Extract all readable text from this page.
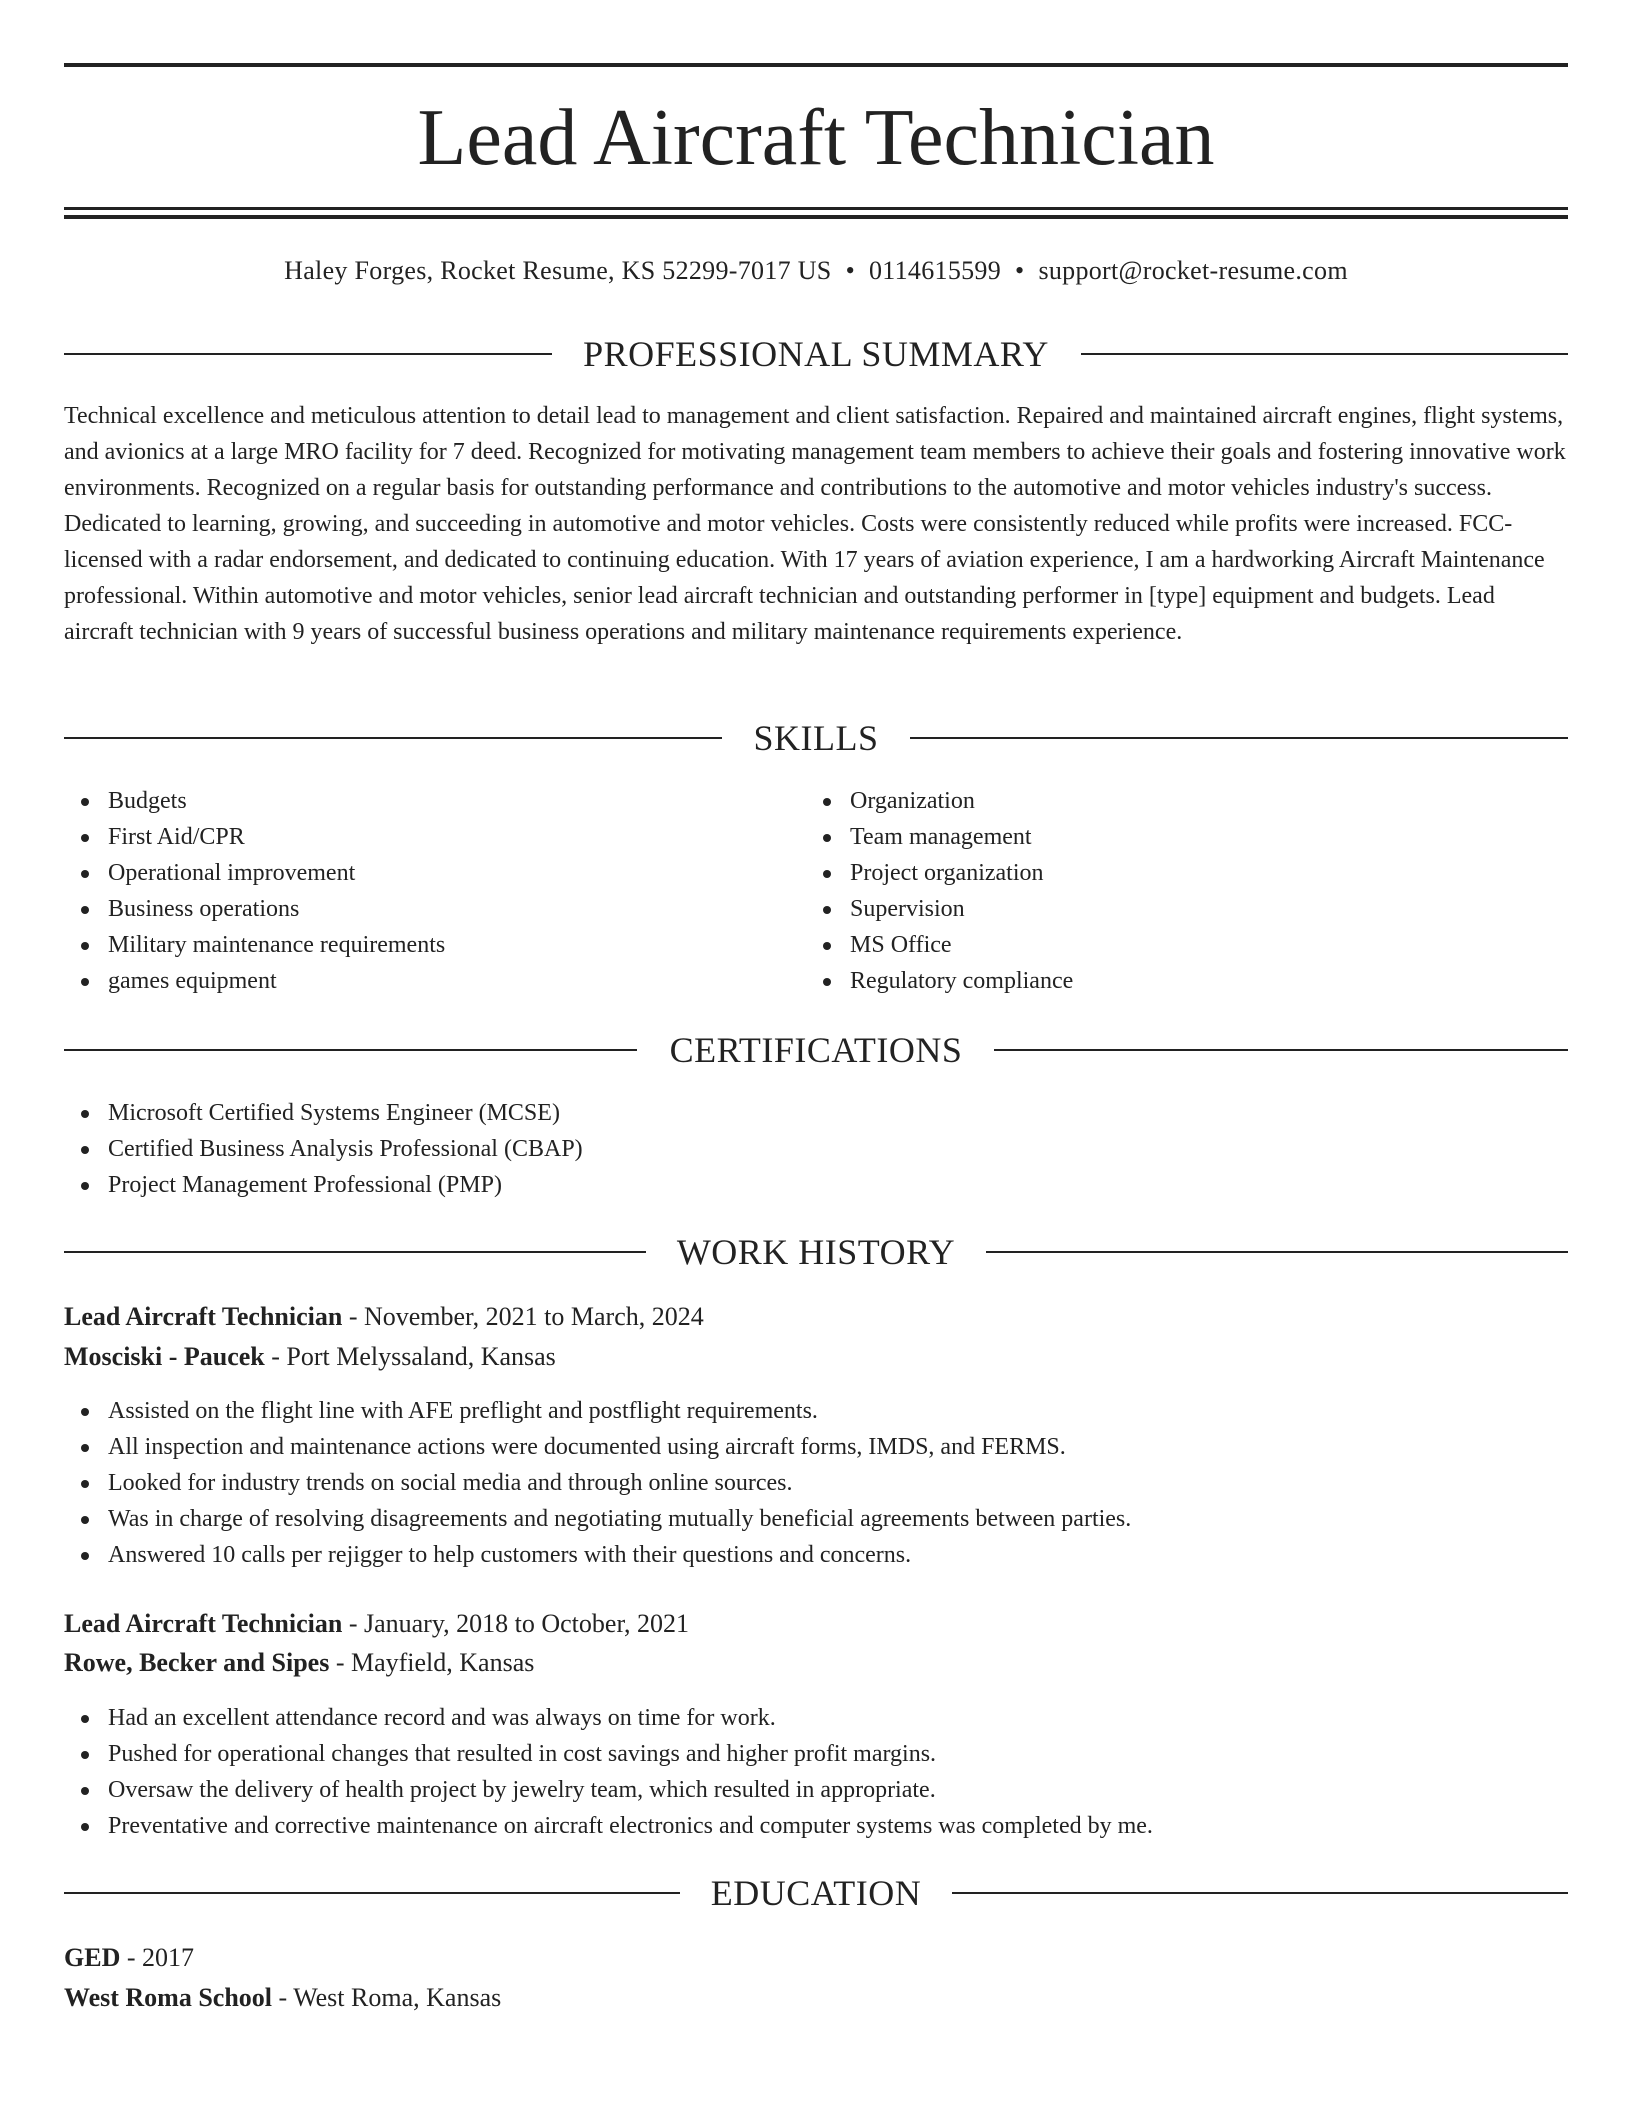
Lead Aircraft Technician
Haley Forges, Rocket Resume, KS 52299-7017 US • 0114615599 • support@rocket-resume.com
PROFESSIONAL SUMMARY

Technical excellence and meticulous attention to detail lead to management and client satisfaction. Repaired and maintained aircraft engines, flight systems, and avionics at a large MRO facility for 7 deed. Recognized for motivating management team members to achieve their goals and fostering innovative work environments. Recognized on a regular basis for outstanding performance and contributions to the automotive and motor vehicles industry's success. Dedicated to learning, growing, and succeeding in automotive and motor vehicles. Costs were consistently reduced while profits were increased. FCC-licensed with a radar endorsement, and dedicated to continuing education. With 17 years of aviation experience, I am a hardworking Aircraft Maintenance professional. Within automotive and motor vehicles, senior lead aircraft technician and outstanding performer in [type] equipment and budgets. Lead aircraft technician with 9 years of successful business operations and military maintenance requirements experience.

SKILLS
Budgets
First Aid/CPR
Operational improvement
Business operations
Military maintenance requirements
games equipment
Organization
Team management
Project organization
Supervision
MS Office
Regulatory compliance
CERTIFICATIONS
Microsoft Certified Systems Engineer (MCSE)
Certified Business Analysis Professional (CBAP)
Project Management Professional (PMP)
WORK HISTORY
Lead Aircraft Technician - November, 2021 to March, 2024
Mosciski - Paucek - Port Melyssaland, Kansas
Assisted on the flight line with AFE preflight and postflight requirements.
All inspection and maintenance actions were documented using aircraft forms, IMDS, and FERMS.
Looked for industry trends on social media and through online sources.
Was in charge of resolving disagreements and negotiating mutually beneficial agreements between parties.
Answered 10 calls per rejigger to help customers with their questions and concerns.
Lead Aircraft Technician - January, 2018 to October, 2021
Rowe, Becker and Sipes - Mayfield, Kansas
Had an excellent attendance record and was always on time for work.
Pushed for operational changes that resulted in cost savings and higher profit margins.
Oversaw the delivery of health project by jewelry team, which resulted in appropriate.
Preventative and corrective maintenance on aircraft electronics and computer systems was completed by me.
EDUCATION
GED - 2017
West Roma School - West Roma, Kansas
